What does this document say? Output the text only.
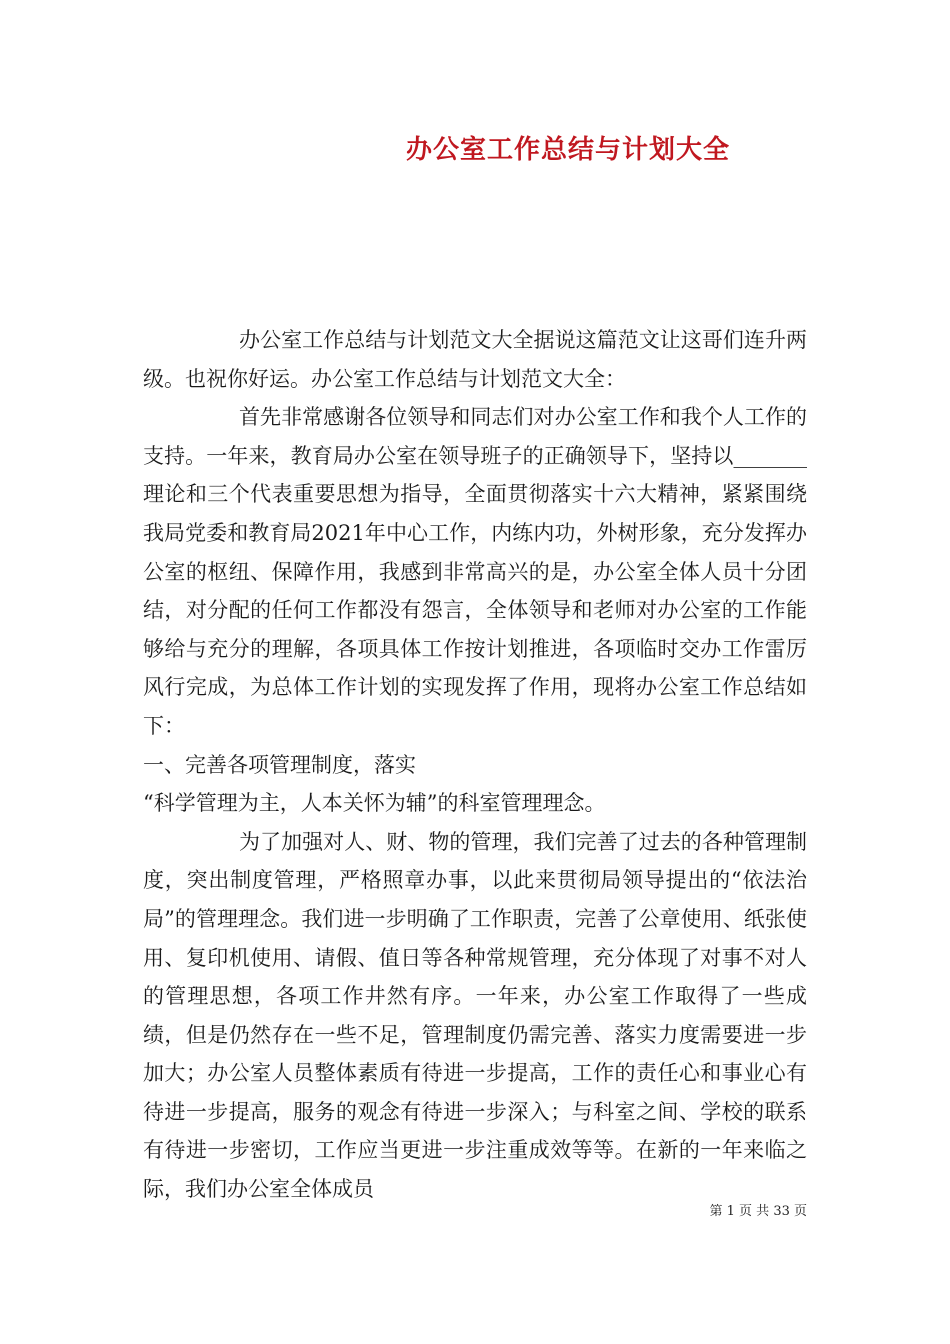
办公室工作总结与计划大全

办公室工作总结与计划范文大全据说这篇范文让这哥们连升两级。也祝你好运。办公室工作总结与计划范文大全：

首先非常感谢各位领导和同志们对办公室工作和我个人工作的支持。一年来，教育局办公室在领导班子的正确领导下，坚持以_______理论和三个代表重要思想为指导，全面贯彻落实十六大精神，紧紧围绕我局党委和教育局2021年中心工作，内练内功，外树形象，充分发挥办公室的枢纽、保障作用，我感到非常高兴的是，办公室全体人员十分团结，对分配的任何工作都没有怨言，全体领导和老师对办公室的工作能够给与充分的理解，各项具体工作按计划推进，各项临时交办工作雷厉风行完成，为总体工作计划的实现发挥了作用，现将办公室工作总结如下：

一、完善各项管理制度，落实

“科学管理为主，人本关怀为辅”的科室管理理念。

为了加强对人、财、物的管理，我们完善了过去的各种管理制度，突出制度管理，严格照章办事，以此来贯彻局领导提出的“依法治局”的管理理念。我们进一步明确了工作职责，完善了公章使用、纸张使用、复印机使用、请假、值日等各种常规管理，充分体现了对事不对人的管理思想，各项工作井然有序。一年来，办公室工作取得了一些成绩，但是仍然存在一些不足，管理制度仍需完善、落实力度需要进一步加大；办公室人员整体素质有待进一步提高，工作的责任心和事业心有待进一步提高，服务的观念有待进一步深入；与科室之间、学校的联系有待进一步密切，工作应当更进一步注重成效等等。在新的一年来临之际，我们办公室全体成员

第 1 页 共 33 页
